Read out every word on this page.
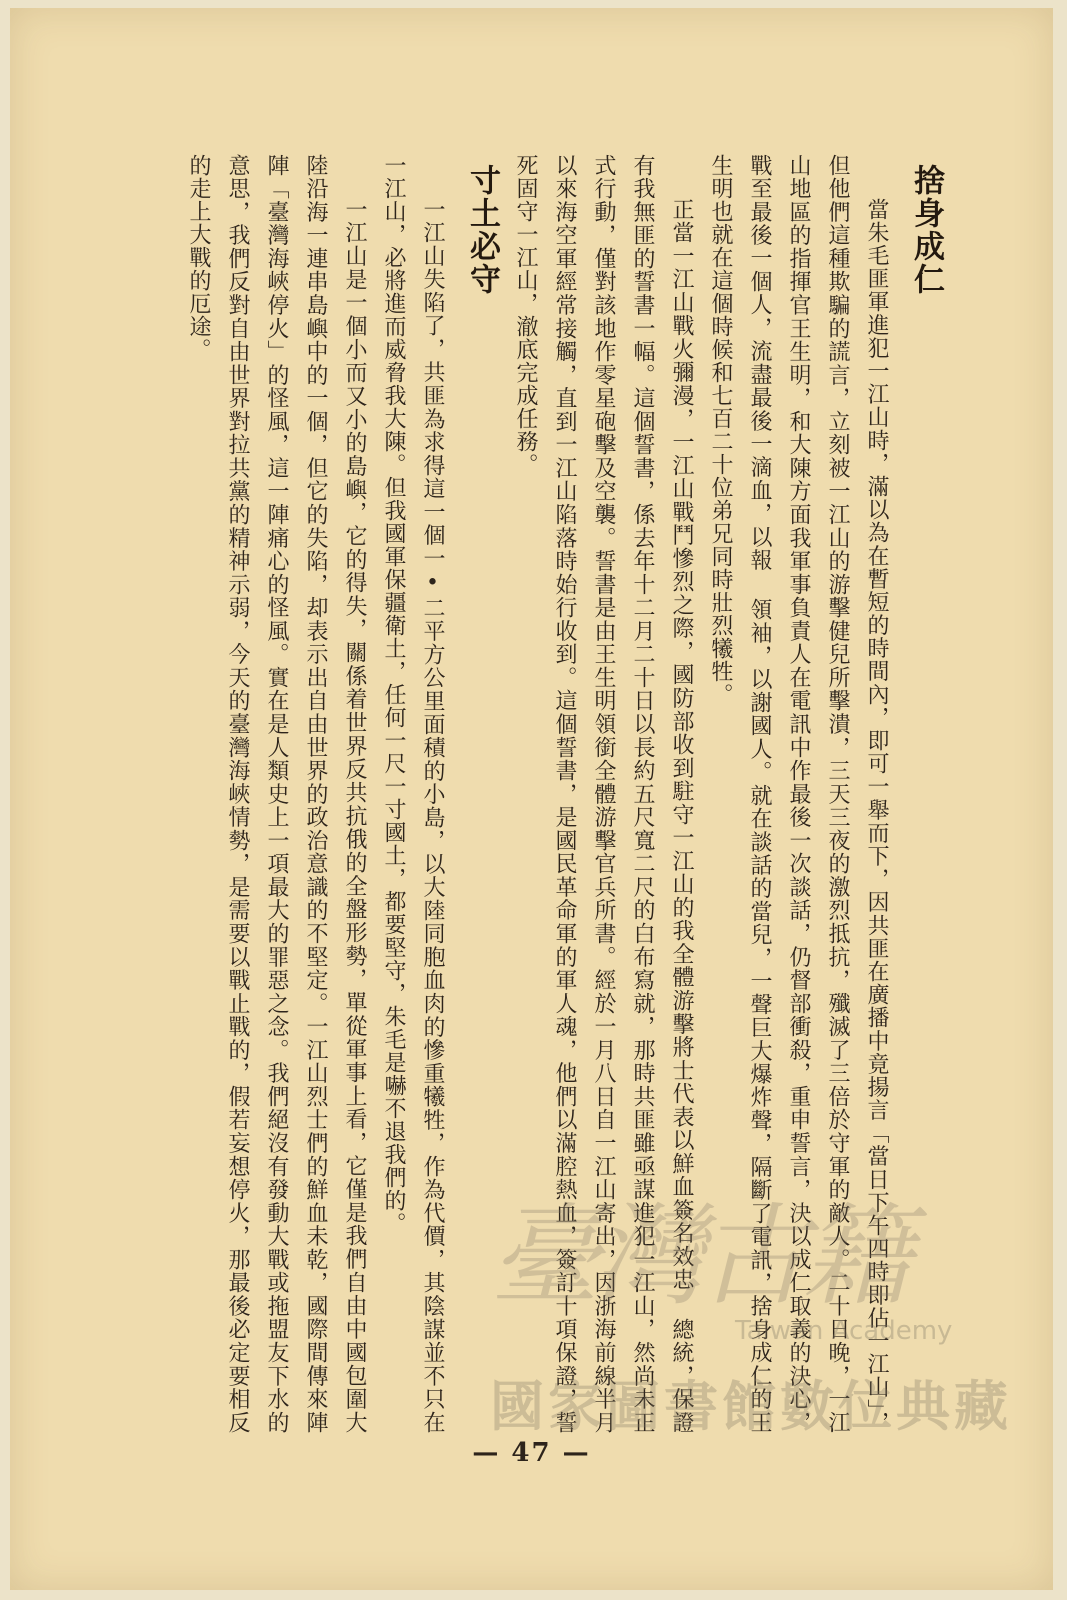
捨身成仁

當朱毛匪軍進犯一江山時，滿以為在暫短的時間內，即可一舉而下，因共匪在廣播中竟揚言「當日下午四時即佔一江山」，但他們這種欺騙的謊言，立刻被一江山的游擊健兒所擊潰，三天三夜的激烈抵抗，殲滅了三倍於守軍的敵人。二十日晚，一江山地區的指揮官王生明，和大陳方面我軍事負責人在電訊中作最後一次談話，仍督部衝殺，重申誓言，決以成仁取義的決心，戰至最後一個人，流盡最後一滴血，以報 領袖，以謝國人。就在談話的當兒，一聲巨大爆炸聲，隔斷了電訊，捨身成仁的王生明也就在這個時候和七百二十位弟兄同時壯烈犧牲。

正當一江山戰火彌漫，一江山戰鬥慘烈之際，國防部收到駐守一江山的我全體游擊將士代表以鮮血簽名效忠 總統，保證有我無匪的誓書一幅。這個誓書，係去年十二月二十日以長約五尺寬二尺的白布寫就，那時共匪雖亟謀進犯一江山，然尚未正式行動，僅對該地作零星砲擊及空襲。誓書是由王生明領銜全體游擊官兵所書。經於一月八日自一江山寄出，因浙海前線半月以來海空軍經常接觸，直到一江山陷落時始行收到。這個誓書，是國民革命軍的軍人魂，他們以滿腔熱血，簽訂十項保證，誓死固守一江山，澈底完成任務。

寸土必守

一江山失陷了，共匪為求得這一個一•二平方公里面積的小島，以大陸同胞血肉的慘重犧牲，作為代價，其陰謀並不只在一江山，必將進而威脅我大陳。但我國軍保疆衛土，任何一尺一寸國土，都要堅守，朱毛是嚇不退我們的。

一江山是一個小而又小的島嶼，它的得失，關係着世界反共抗俄的全盤形勢，單從軍事上看，它僅是我們自由中國包圍大陸沿海一連串島嶼中的一個，但它的失陷，却表示出自由世界的政治意識的不堅定。一江山烈士們的鮮血未乾，國際間傳來陣陣「臺灣海峽停火」的怪風，這一陣痛心的怪風。實在是人類史上一項最大的罪惡之念。我們絕沒有發動大戰或拖盟友下水的意思，我們反對自由世界對拉共黨的精神示弱，今天的臺灣海峽情勢，是需要以戰止戰的，假若妄想停火，那最後必定要相反的走上大戰的厄途。

臺灣古籍
Taiwan Academy
國家圖書館數位典藏
— 47 —
